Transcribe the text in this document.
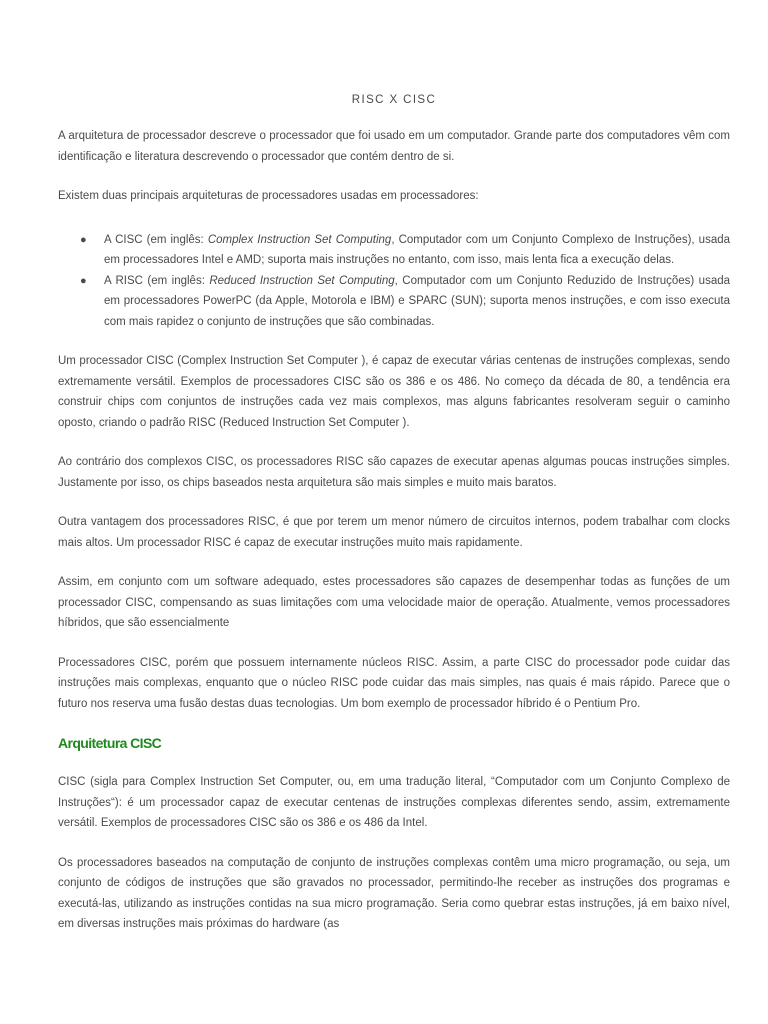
RISC X CISC

A arquitetura de processador descreve o processador que foi usado em um computador. Grande parte dos computadores vêm com identificação e literatura descrevendo o processador que contém dentro de si.

Existem duas principais arquiteturas de processadores usadas em processadores:

● A CISC (em inglês: Complex Instruction Set Computing, Computador com um Conjunto Complexo de Instruções), usada em processadores Intel e AMD; suporta mais instruções no entanto, com isso, mais lenta fica a execução delas.
● A RISC (em inglês: Reduced Instruction Set Computing, Computador com um Conjunto Reduzido de Instruções) usada em processadores PowerPC (da Apple, Motorola e IBM) e SPARC (SUN); suporta menos instruções, e com isso executa com mais rapidez o conjunto de instruções que são combinadas.

Um processador CISC (Complex Instruction Set Computer ), é capaz de executar várias centenas de instruções complexas, sendo extremamente versátil. Exemplos de processadores CISC são os 386 e os 486. No começo da década de 80, a tendência era construir chips com conjuntos de instruções cada vez mais complexos, mas alguns fabricantes resolveram seguir o caminho oposto, criando o padrão RISC (Reduced Instruction Set Computer ).

Ao contrário dos complexos CISC, os processadores RISC são capazes de executar apenas algumas poucas instruções simples. Justamente por isso, os chips baseados nesta arquitetura são mais simples e muito mais baratos.

Outra vantagem dos processadores RISC, é que por terem um menor número de circuitos internos, podem trabalhar com clocks mais altos. Um processador RISC é capaz de executar instruções muito mais rapidamente.

Assim, em conjunto com um software adequado, estes processadores são capazes de desempenhar todas as funções de um processador CISC, compensando as suas limitações com uma velocidade maior de operação. Atualmente, vemos processadores híbridos, que são essencialmente

Processadores CISC, porém que possuem internamente núcleos RISC. Assim, a parte CISC do processador pode cuidar das instruções mais complexas, enquanto que o núcleo RISC pode cuidar das mais simples, nas quais é mais rápido. Parece que o futuro nos reserva uma fusão destas duas tecnologias. Um bom exemplo de processador híbrido é o Pentium Pro.

Arquitetura CISC

CISC (sigla para Complex Instruction Set Computer, ou, em uma tradução literal, “Computador com um Conjunto Complexo de Instruções“): é um processador capaz de executar centenas de instruções complexas diferentes sendo, assim, extremamente versátil. Exemplos de processadores CISC são os 386 e os 486 da Intel.

Os processadores baseados na computação de conjunto de instruções complexas contêm uma micro programação, ou seja, um conjunto de códigos de instruções que são gravados no processador, permitindo-lhe receber as instruções dos programas e executá-las, utilizando as instruções contidas na sua micro programação. Seria como quebrar estas instruções, já em baixo nível, em diversas instruções mais próximas do hardware (as
